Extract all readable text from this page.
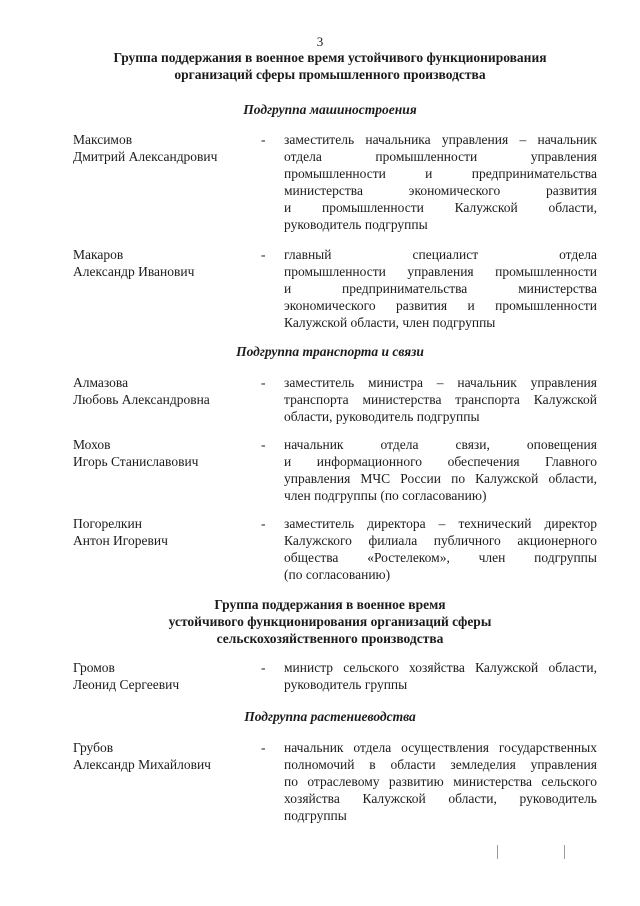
3
Группа поддержания в военное время устойчивого функционирования
организаций сферы промышленного производства
Подгруппа машиностроения
Максимов
Дмитрий Александрович
- заместитель начальника управления – начальник
отдела	промышленности	управления
промышленности	и	предпринимательства
министерства	экономического	развития
и промышленности Калужской области,
руководитель подгруппы
Макаров
Александр Иванович
- главный	специалист	отдела
промышленности управления промышленности
и	предпринимательства	министерства
экономического развития и промышленности
Калужской области, член подгруппы
Подгруппа транспорта и связи
Алмазова
Любовь Александровна
- заместитель министра – начальник управления
транспорта министерства транспорта Калужской
области, руководитель подгруппы
Мохов
Игорь Станиславович
- начальник	отдела	связи,	оповещения
и информационного обеспечения Главного
управления МЧС России по Калужской области,
член подгруппы (по согласованию)
Погорелкин
Антон Игоревич
- заместитель директора – технический директор
Калужского филиала публичного акционерного
общества «Ростелеком», член подгруппы
(по согласованию)
Группа поддержания в военное время
устойчивого функционирования организаций сферы
сельскохозяйственного производства
Громов
Леонид Сергеевич
- министр сельского хозяйства Калужской области,
руководитель группы
Подгруппа растениеводства
Грубов
Александр Михайлович
- начальник отдела осуществления государственных
полномочий в области земледелия управления
по отраслевому развитию министерства сельского
хозяйства Калужской области, руководитель
подгруппы
